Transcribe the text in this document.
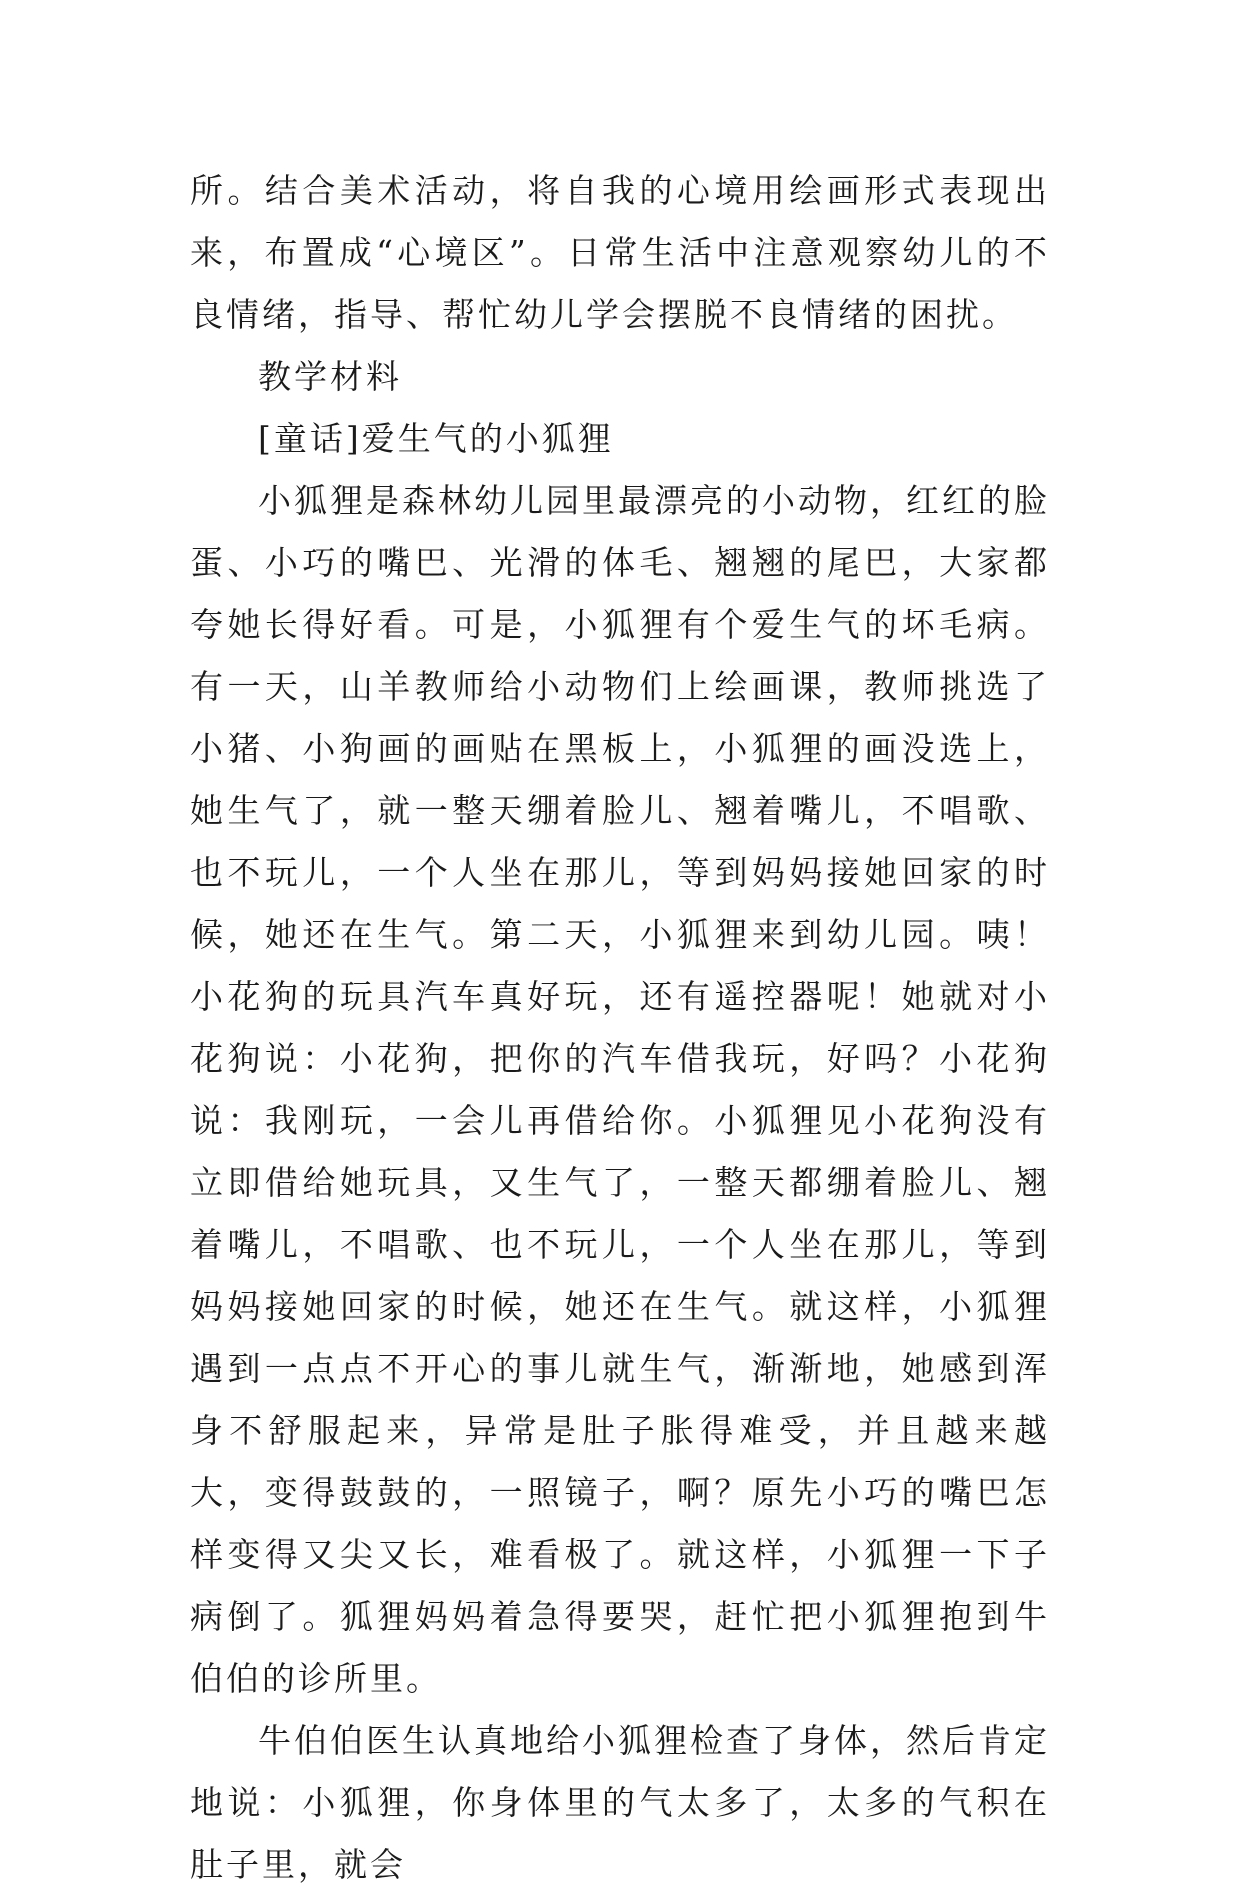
所。结合美术活动，将自我的心境用绘画形式表现出来，布置成“心境区”。日常生活中注意观察幼儿的不良情绪，指导、帮忙幼儿学会摆脱不良情绪的困扰。

教学材料

[童话]爱生气的小狐狸

小狐狸是森林幼儿园里最漂亮的小动物，红红的脸蛋、小巧的嘴巴、光滑的体毛、翘翘的尾巴，大家都夸她长得好看。可是，小狐狸有个爱生气的坏毛病。有一天，山羊教师给小动物们上绘画课，教师挑选了小猪、小狗画的画贴在黑板上，小狐狸的画没选上，她生气了，就一整天绷着脸儿、翘着嘴儿，不唱歌、也不玩儿，一个人坐在那儿，等到妈妈接她回家的时候，她还在生气。第二天，小狐狸来到幼儿园。咦！小花狗的玩具汽车真好玩，还有遥控器呢！她就对小花狗说：小花狗，把你的汽车借我玩，好吗？小花狗说：我刚玩，一会儿再借给你。小狐狸见小花狗没有立即借给她玩具，又生气了，一整天都绷着脸儿、翘着嘴儿，不唱歌、也不玩儿，一个人坐在那儿，等到妈妈接她回家的时候，她还在生气。就这样，小狐狸遇到一点点不开心的事儿就生气，渐渐地，她感到浑身不舒服起来，异常是肚子胀得难受，并且越来越大，变得鼓鼓的，一照镜子，啊？原先小巧的嘴巴怎样变得又尖又长，难看极了。就这样，小狐狸一下子病倒了。狐狸妈妈着急得要哭，赶忙把小狐狸抱到牛伯伯的诊所里。

牛伯伯医生认真地给小狐狸检查了身体，然后肯定地说：小狐狸，你身体里的气太多了，太多的气积在肚子里，就会
